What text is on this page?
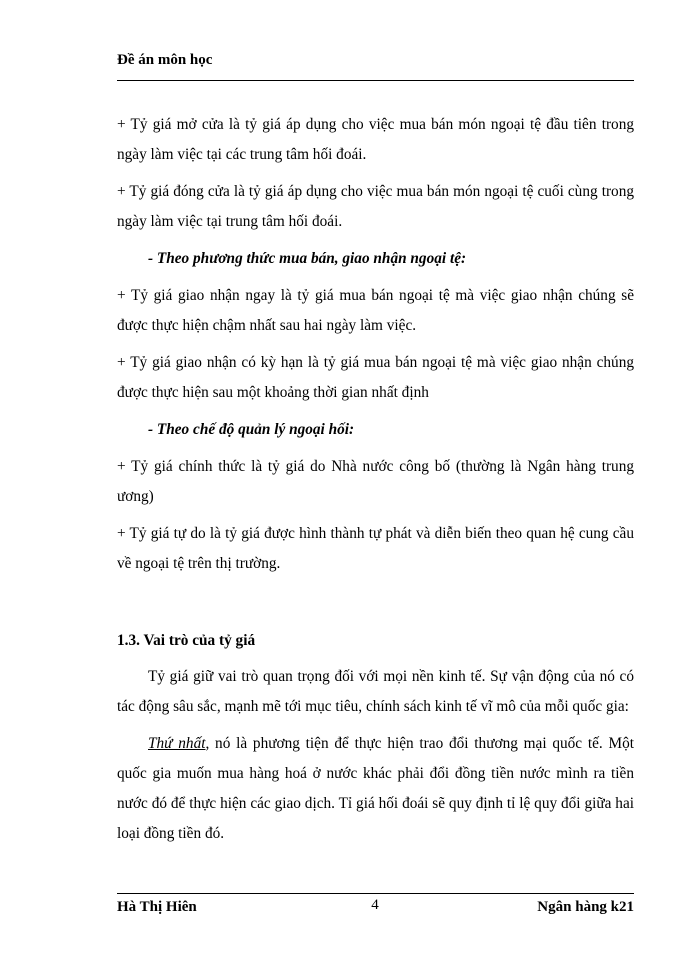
Đề án môn học

+ Tỷ giá mở cửa là tỷ giá áp dụng cho việc mua bán món ngoại tệ đầu tiên trong ngày làm việc tại các trung tâm hối đoái.

+ Tỷ giá đóng cửa là tỷ giá áp dụng cho việc mua bán món ngoại tệ cuối cùng trong ngày làm việc tại trung tâm hối đoái.

- Theo phương thức mua bán, giao nhận ngoại tệ:

+ Tỷ giá giao nhận ngay là tỷ giá mua bán ngoại tệ mà việc giao nhận chúng sẽ được thực hiện chậm nhất sau hai ngày làm việc.

+ Tỷ giá giao nhận có kỳ hạn là tỷ giá mua bán ngoại tệ mà việc giao nhận chúng được thực hiện sau một khoảng thời gian nhất định

- Theo chế độ quản lý ngoại hối:

+ Tỷ giá chính thức là tỷ giá do Nhà nước công bố (thường là Ngân hàng trung ương)

+ Tỷ giá tự do là tỷ giá được hình thành tự phát và diễn biến theo quan hệ cung cầu về ngoại tệ trên thị trường.

1.3. Vai trò của tỷ giá

Tỷ giá giữ vai trò quan trọng đối với mọi nền kinh tế. Sự vận động của nó có tác động sâu sắc, mạnh mẽ tới mục tiêu, chính sách kinh tế vĩ mô của mỗi quốc gia:

Thứ nhất, nó là phương tiện để thực hiện trao đổi thương mại quốc tế. Một quốc gia muốn mua hàng hoá ở nước khác phải đổi đồng tiền nước mình ra tiền nước đó để thực hiện các giao dịch. Tỉ giá hối đoái sẽ quy định tỉ lệ quy đổi giữa hai loại đồng tiền đó.

Hà Thị Hiên	4	Ngân hàng k21
